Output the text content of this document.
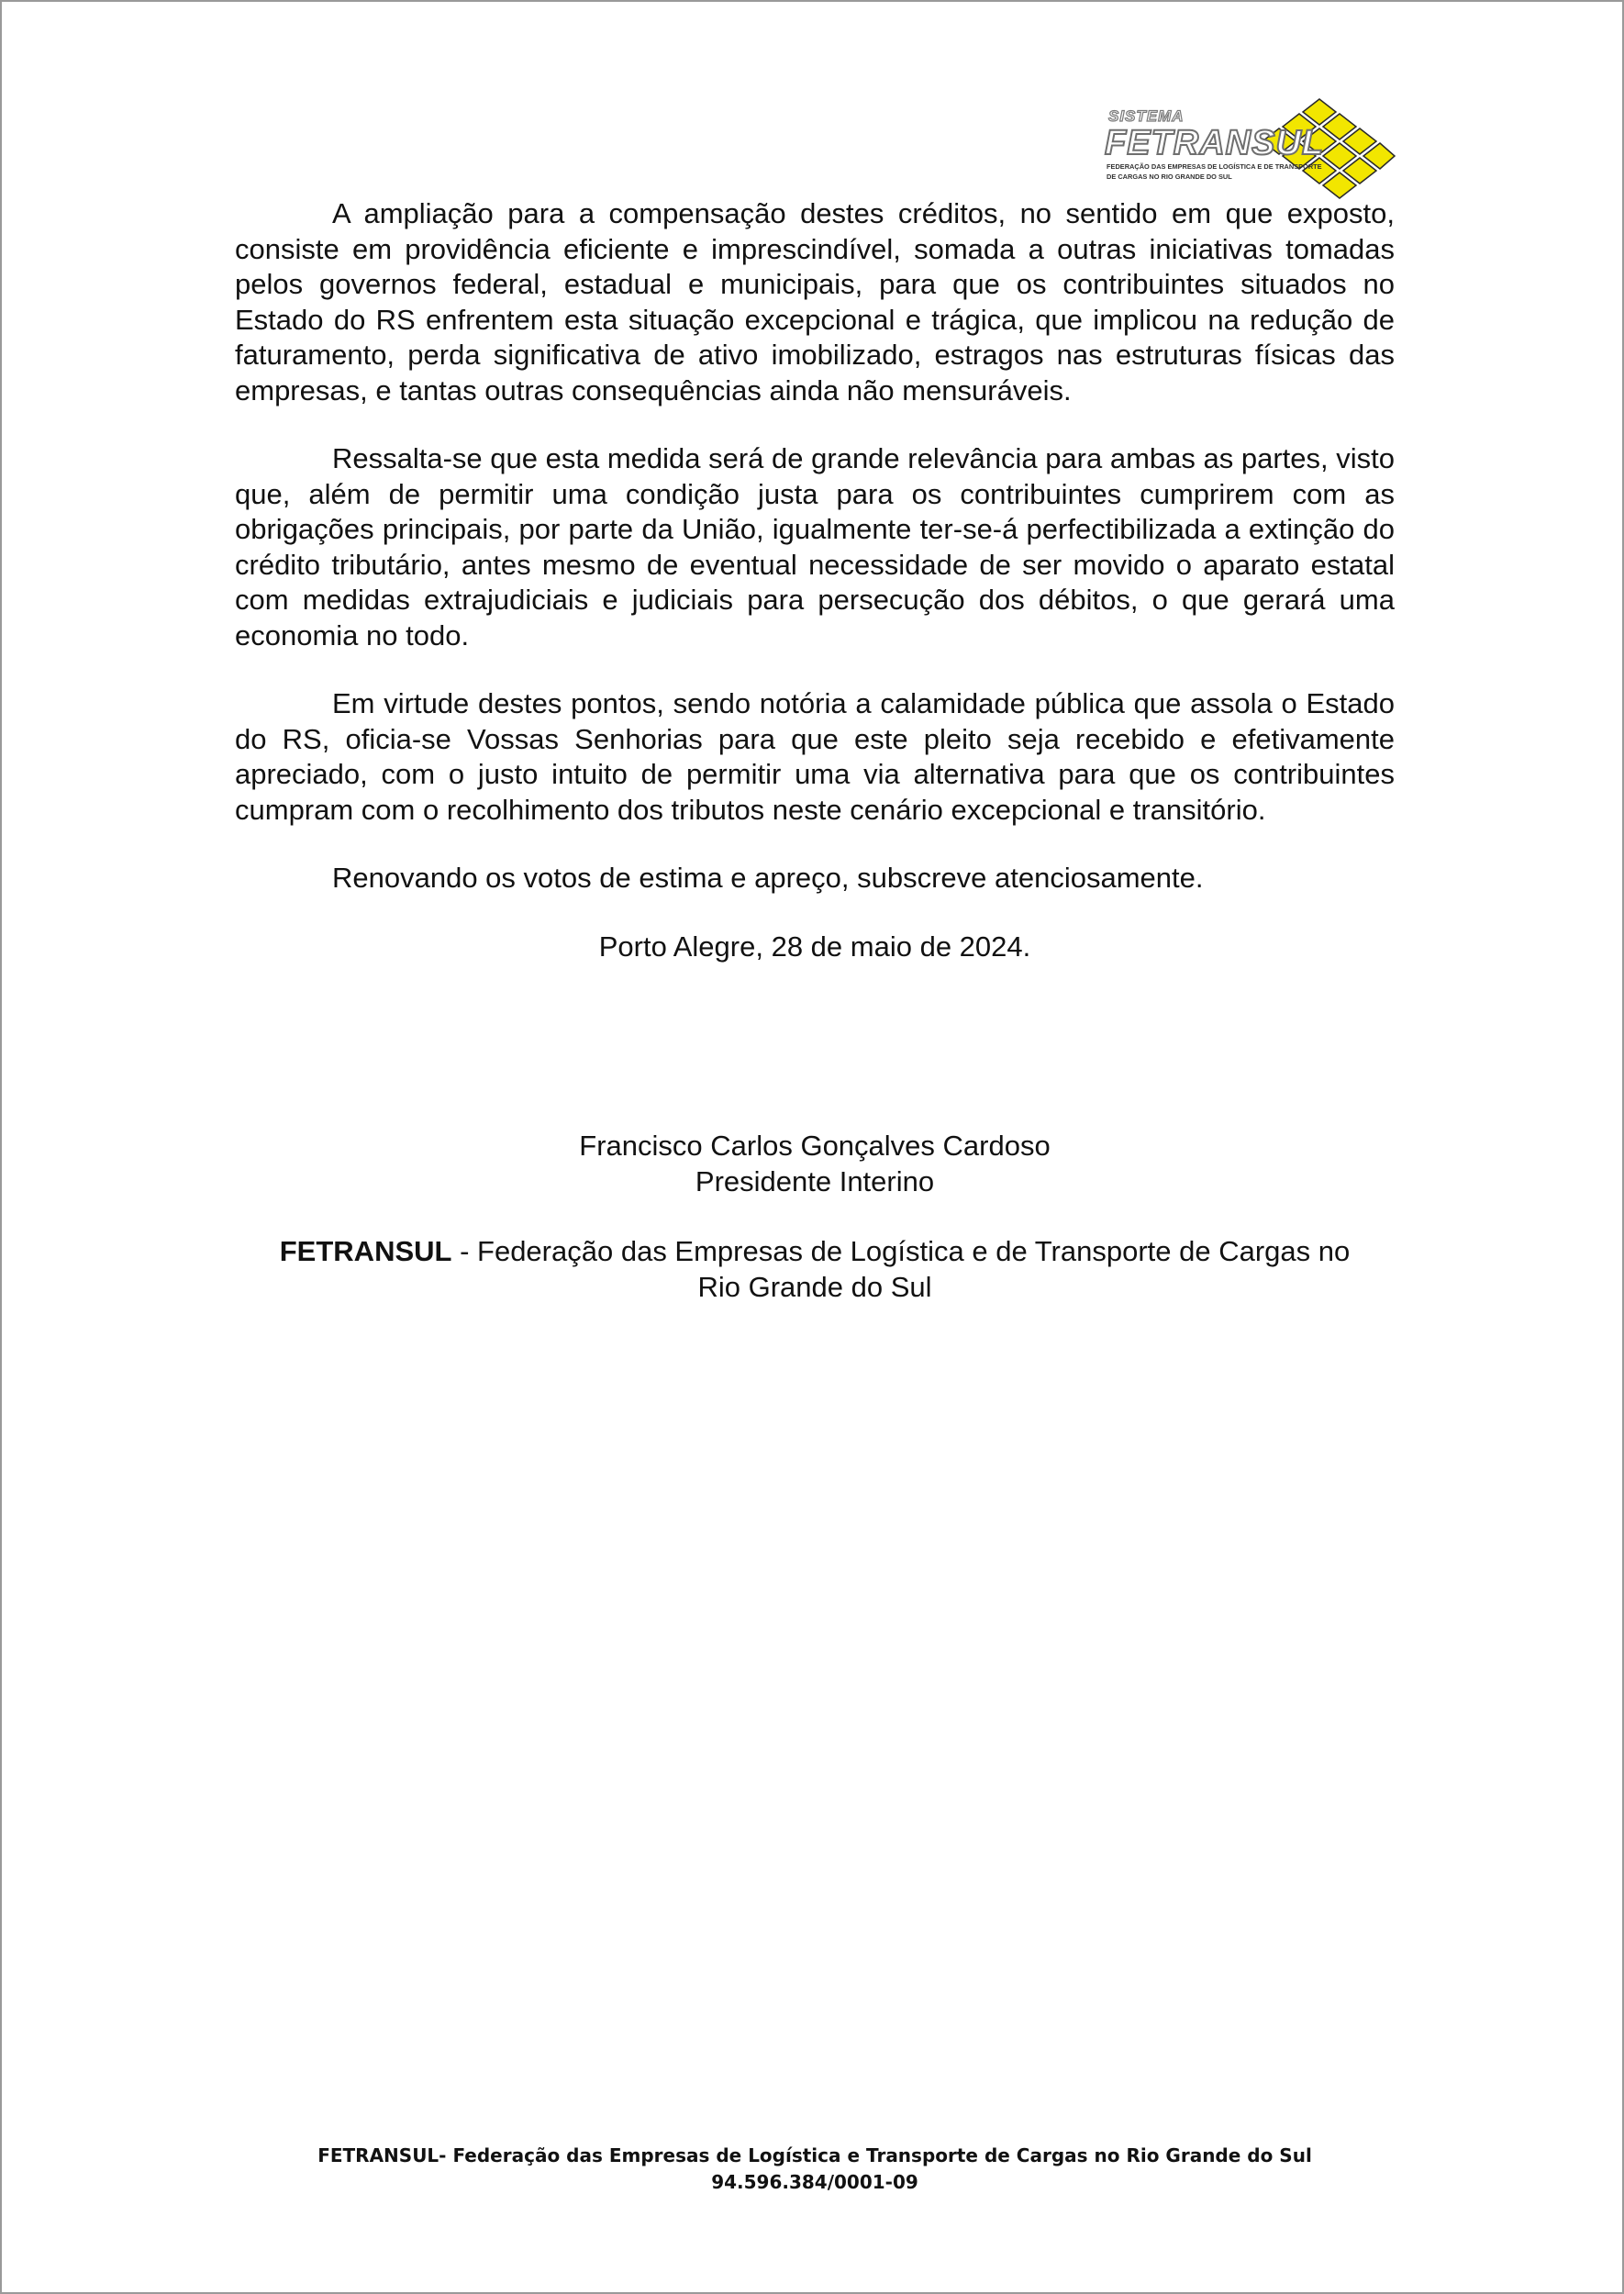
SISTEMA
FETRANSUL
FEDERAÇÃO DAS EMPRESAS DE LOGÍSTICA E DE TRANSPORTE
DE CARGAS NO RIO GRANDE DO SUL

A ampliação para a compensação destes créditos, no sentido em que exposto, consiste em providência eficiente e imprescindível, somada a outras iniciativas tomadas pelos governos federal, estadual e municipais, para que os contribuintes situados no Estado do RS enfrentem esta situação excepcional e trágica, que implicou na redução de faturamento, perda significativa de ativo imobilizado, estragos nas estruturas físicas das empresas, e tantas outras consequências ainda não mensuráveis.

Ressalta-se que esta medida será de grande relevância para ambas as partes, visto que, além de permitir uma condição justa para os contribuintes cumprirem com as obrigações principais, por parte da União, igualmente ter-se-á perfectibilizada a extinção do crédito tributário, antes mesmo de eventual necessidade de ser movido o aparato estatal com medidas extrajudiciais e judiciais para persecução dos débitos, o que gerará uma economia no todo.

Em virtude destes pontos, sendo notória a calamidade pública que assola o Estado do RS, oficia-se Vossas Senhorias para que este pleito seja recebido e efetivamente apreciado, com o justo intuito de permitir uma via alternativa para que os contribuintes cumpram com o recolhimento dos tributos neste cenário excepcional e transitório.

Renovando os votos de estima e apreço, subscreve atenciosamente.

Porto Alegre, 28 de maio de 2024.

Francisco Carlos Gonçalves Cardoso
Presidente Interino
FETRANSUL - Federação das Empresas de Logística e de Transporte de Cargas no
Rio Grande do Sul
FETRANSUL- Federação das Empresas de Logística e Transporte de Cargas no Rio Grande do Sul
94.596.384/0001-09
